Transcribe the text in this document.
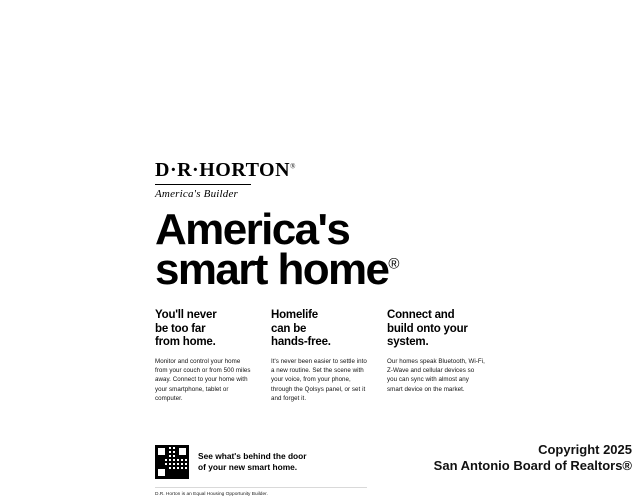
D·R·HORTON®
America's Builder
America's
smart home®
You'll never
be too far
from home.

Monitor and control your home from your couch or from 500 miles away. Connect to your home with your smartphone, tablet or computer.

Homelife
can be
hands-free.

It's never been easier to settle into a new routine. Set the scene with your voice, from your phone, through the Qolsys panel, or set it and forget it.

Connect and
build onto your
system.

Our homes speak Bluetooth, Wi-Fi, Z-Wave and cellular devices so you can sync with almost any smart device on the market.

See what's behind the door
of your new smart home.
D.R. Horton is an Equal Housing Opportunity Builder.
Copyright 2025
San Antonio Board of Realtors®
